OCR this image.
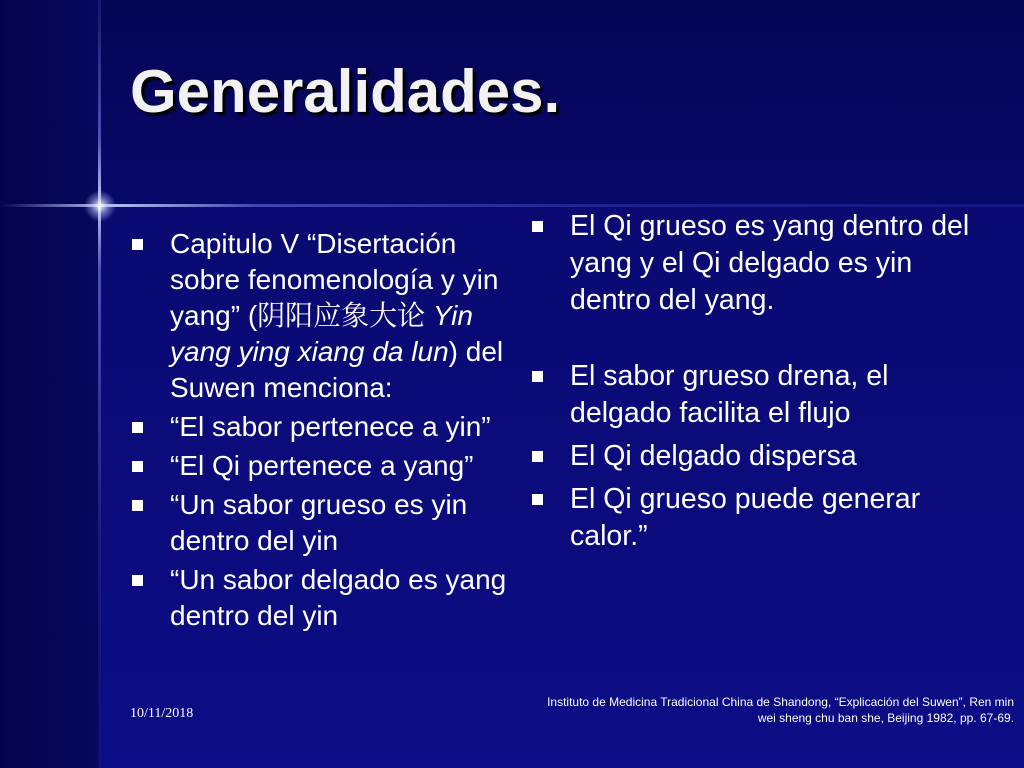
Generalidades.
Capitulo V “Disertación sobre fenomenología y yin yang” (阴阳应象大论 Yin yang ying xiang da lun) del Suwen menciona:
“El sabor pertenece a yin”
“El Qi pertenece a yang”
“Un sabor grueso es yin dentro del yin
“Un sabor delgado es yang dentro del yin
El Qi grueso es yang dentro del yang y el Qi delgado es yin dentro del yang.
El sabor grueso drena, el delgado facilita el flujo
El Qi delgado dispersa
El Qi grueso puede generar calor.”
10/11/2018
Instituto de Medicina Tradicional China de Shandong, “Explicación del Suwen”, Ren min
wei sheng chu ban she, Beijing 1982, pp. 67-69.
